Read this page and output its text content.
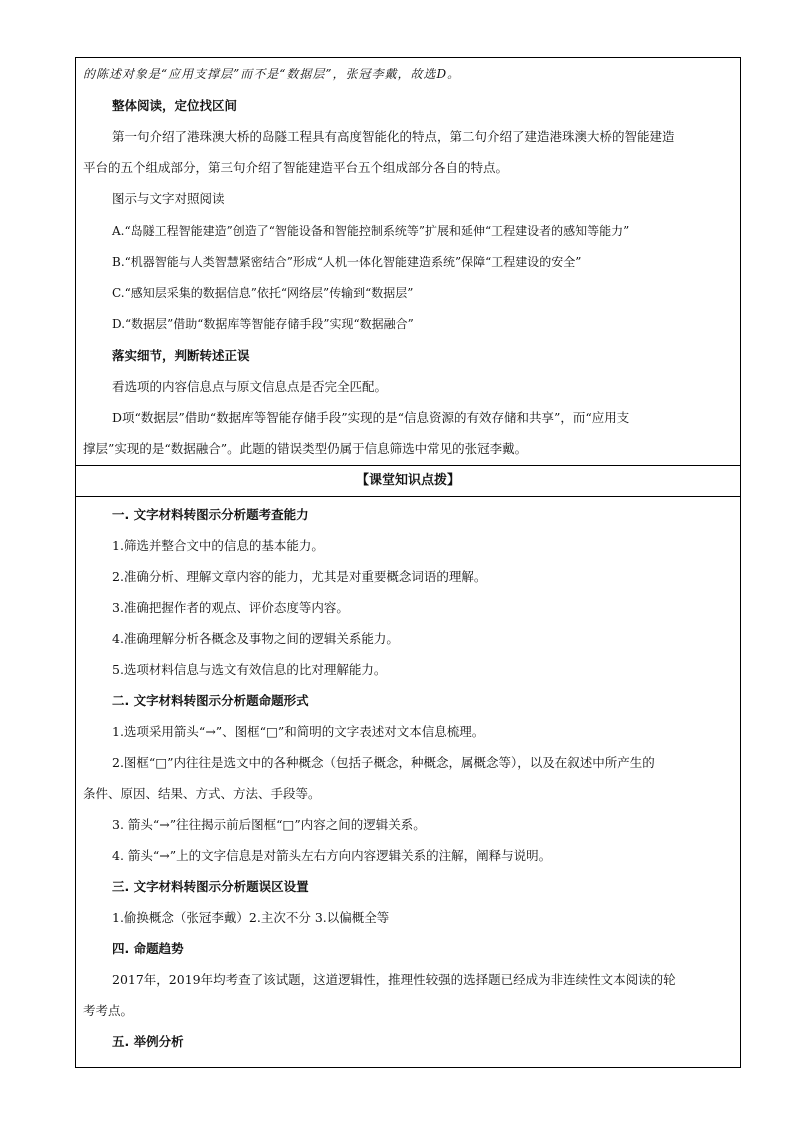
的陈述对象是“应用支撑层”而不是“数据层”，张冠李戴，故选D。
整体阅读，定位找区间
第一句介绍了港珠澳大桥的岛隧工程具有高度智能化的特点，第二句介绍了建造港珠澳大桥的智能建造
平台的五个组成部分，第三句介绍了智能建造平台五个组成部分各自的特点。
图示与文字对照阅读
A.“岛隧工程智能建造”创造了“智能设备和智能控制系统等”扩展和延伸“工程建设者的感知等能力”
B.“机器智能与人类智慧紧密结合”形成“人机一体化智能建造系统”保障“工程建设的安全”
C.“感知层采集的数据信息”依托“网络层”传输到“数据层”
D.“数据层”借助“数据库等智能存储手段”实现“数据融合”
落实细节，判断转述正误
看选项的内容信息点与原文信息点是否完全匹配。
D项“数据层”借助“数据库等智能存储手段”实现的是“信息资源的有效存储和共享”，而“应用支
撑层”实现的是“数据融合”。此题的错误类型仍属于信息筛选中常见的张冠李戴。
【课堂知识点拨】
一. 文字材料转图示分析题考查能力
1.筛选并整合文中的信息的基本能力。
2.准确分析、理解文章内容的能力，尤其是对重要概念词语的理解。
3.准确把握作者的观点、评价态度等内容。
4.准确理解分析各概念及事物之间的逻辑关系能力。
5.选项材料信息与选文有效信息的比对理解能力。
二. 文字材料转图示分析题命题形式
1.选项采用箭头“→”、图框“□”和简明的文字表述对文本信息梳理。
2.图框“□”内往往是选文中的各种概念（包括子概念，种概念，属概念等），以及在叙述中所产生的
条件、原因、结果、方式、方法、手段等。
3. 箭头“→”往往揭示前后图框“□”内容之间的逻辑关系。
4. 箭头“→”上的文字信息是对箭头左右方向内容逻辑关系的注解，阐释与说明。
三. 文字材料转图示分析题误区设置
1.偷换概念（张冠李戴）2.主次不分 3.以偏概全等
四. 命题趋势
2017年，2019年均考查了该试题，这道逻辑性，推理性较强的选择题已经成为非连续性文本阅读的轮
考考点。
五. 举例分析
